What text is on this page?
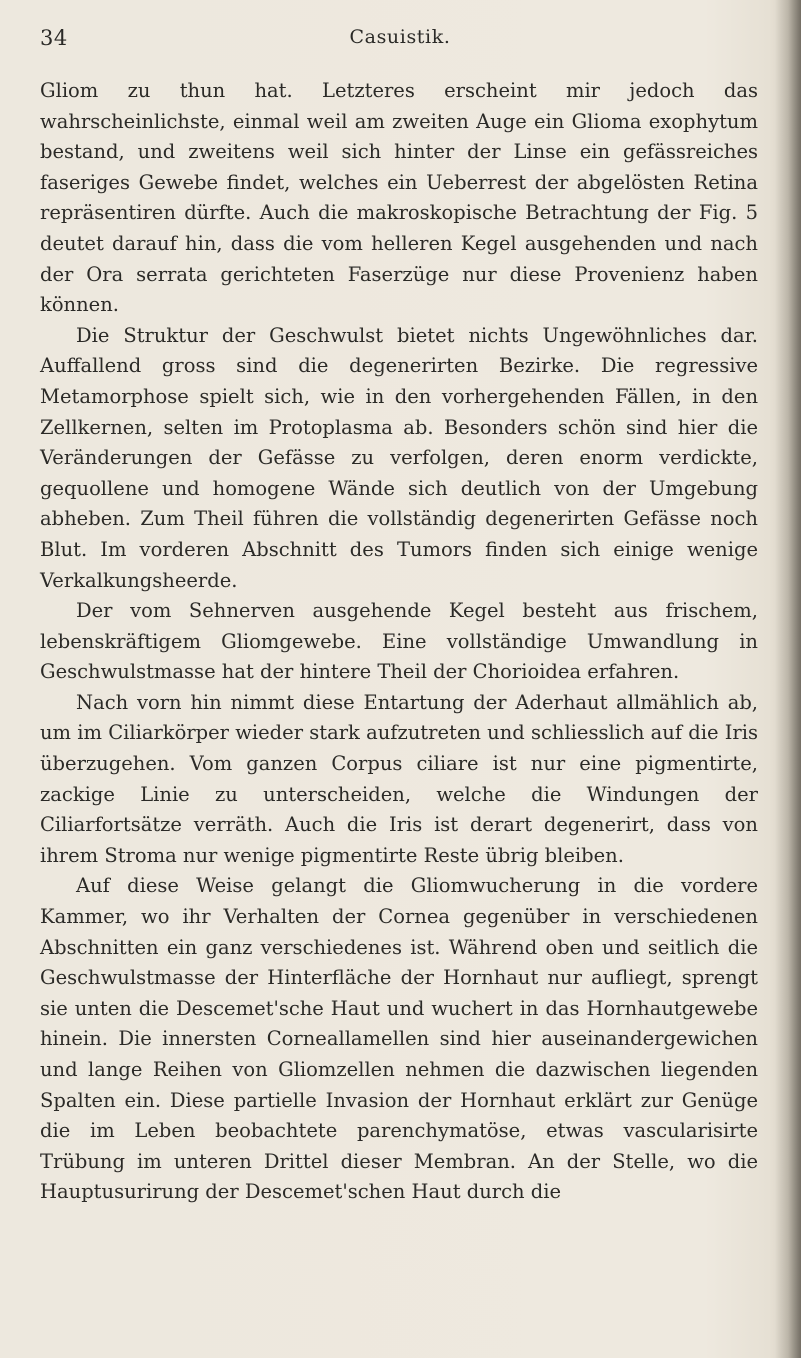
34	Casuistik.

Gliom zu thun hat. Letzteres erscheint mir jedoch das wahrscheinlichste, einmal weil am zweiten Auge ein Glioma exophytum bestand, und zweitens weil sich hinter der Linse ein gefässreiches faseriges Gewebe findet, welches ein Ueberrest der abgelösten Retina repräsentiren dürfte. Auch die makroskopische Betrachtung der Fig. 5 deutet darauf hin, dass die vom helleren Kegel ausgehenden und nach der Ora serrata gerichteten Faserzüge nur diese Provenienz haben können.

Die Struktur der Geschwulst bietet nichts Ungewöhnliches dar. Auffallend gross sind die degenerirten Bezirke. Die regressive Metamorphose spielt sich, wie in den vorhergehenden Fällen, in den Zellkernen, selten im Protoplasma ab. Besonders schön sind hier die Veränderungen der Gefässe zu verfolgen, deren enorm verdickte, gequollene und homogene Wände sich deutlich von der Umgebung abheben. Zum Theil führen die vollständig degenerirten Gefässe noch Blut. Im vorderen Abschnitt des Tumors finden sich einige wenige Verkalkungsheerde.

Der vom Sehnerven ausgehende Kegel besteht aus frischem, lebenskräftigem Gliomgewebe. Eine vollständige Umwandlung in Geschwulstmasse hat der hintere Theil der Chorioidea erfahren.

Nach vorn hin nimmt diese Entartung der Aderhaut allmählich ab, um im Ciliarkörper wieder stark aufzutreten und schliesslich auf die Iris überzugehen. Vom ganzen Corpus ciliare ist nur eine pigmentirte, zackige Linie zu unterscheiden, welche die Windungen der Ciliarfortsätze verräth. Auch die Iris ist derart degenerirt, dass von ihrem Stroma nur wenige pigmentirte Reste übrig bleiben.

Auf diese Weise gelangt die Gliomwucherung in die vordere Kammer, wo ihr Verhalten der Cornea gegenüber in verschiedenen Abschnitten ein ganz verschiedenes ist. Während oben und seitlich die Geschwulstmasse der Hinterfläche der Hornhaut nur aufliegt, sprengt sie unten die Descemet'sche Haut und wuchert in das Hornhautgewebe hinein. Die innersten Corneallamellen sind hier auseinandergewichen und lange Reihen von Gliomzellen nehmen die dazwischen liegenden Spalten ein. Diese partielle Invasion der Hornhaut erklärt zur Genüge die im Leben beobachtete parenchymatöse, etwas vascularisirte Trübung im unteren Drittel dieser Membran. An der Stelle, wo die Hauptusurirung der Descemet'schen Haut durch die
